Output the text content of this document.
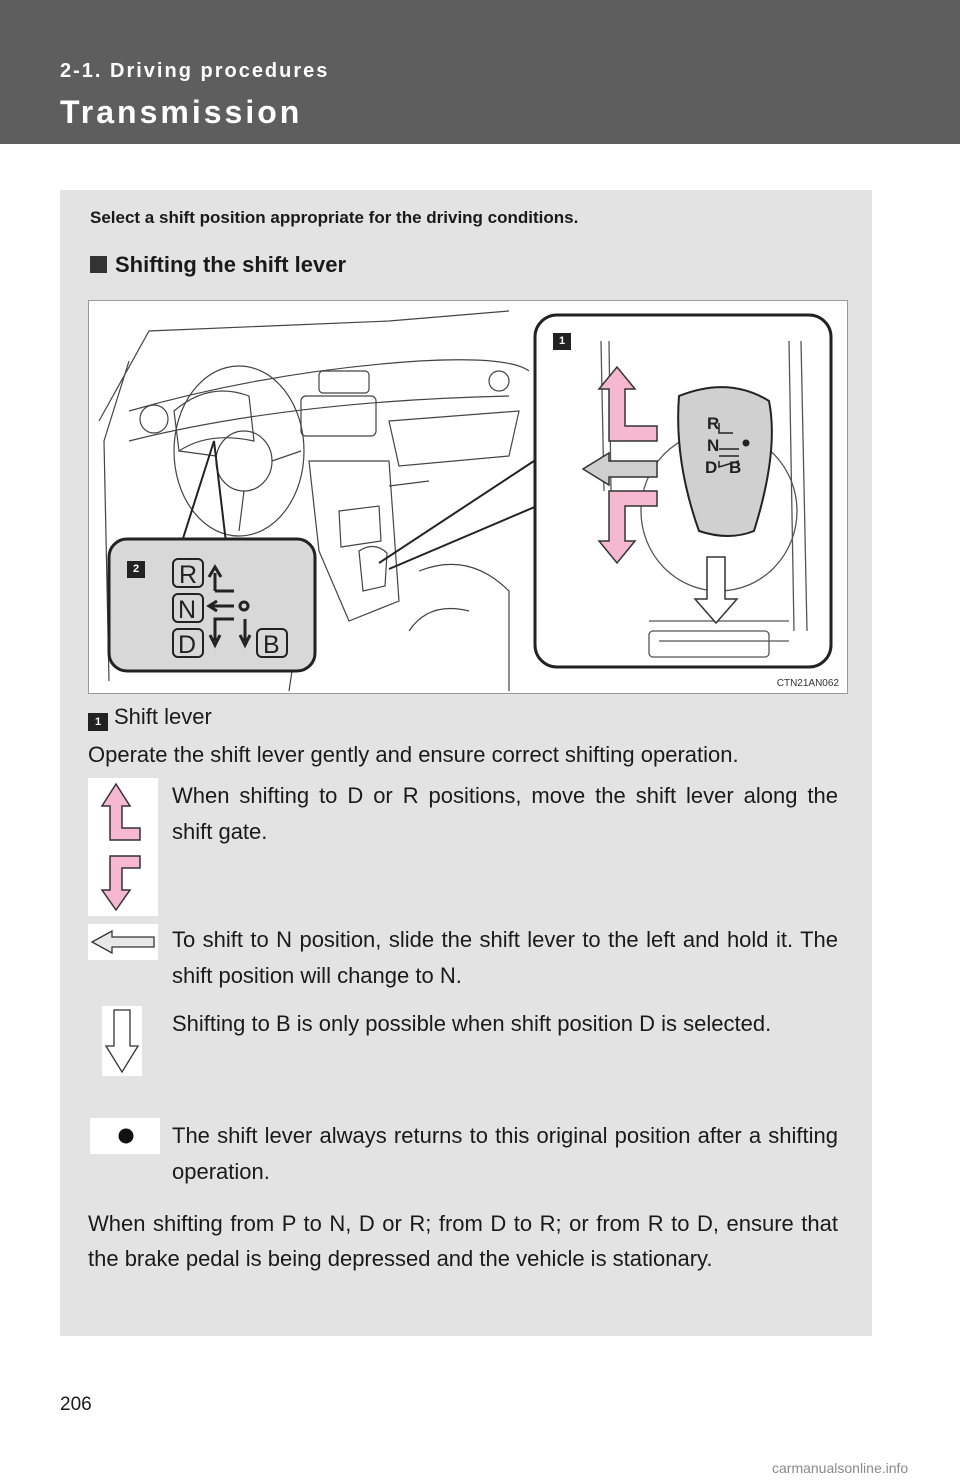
2-1. Driving procedures
Transmission
Select a shift position appropriate for the driving conditions.
Shifting the shift lever
R
N
D B
R
N
D	B
1
2
CTN21AN062
1 Shift lever
Operate the shift lever gently and ensure correct shifting operation.
When shifting to D or R positions, move the shift lever along the shift gate.
To shift to N position, slide the shift lever to the left and hold it. The shift position will change to N.
Shifting to B is only possible when shift position D is selected.
The shift lever always returns to this original position after a shifting operation.
When shifting from P to N, D or R; from D to R; or from R to D, ensure that the brake pedal is being depressed and the vehicle is stationary.
206
carmanualsonline.info
